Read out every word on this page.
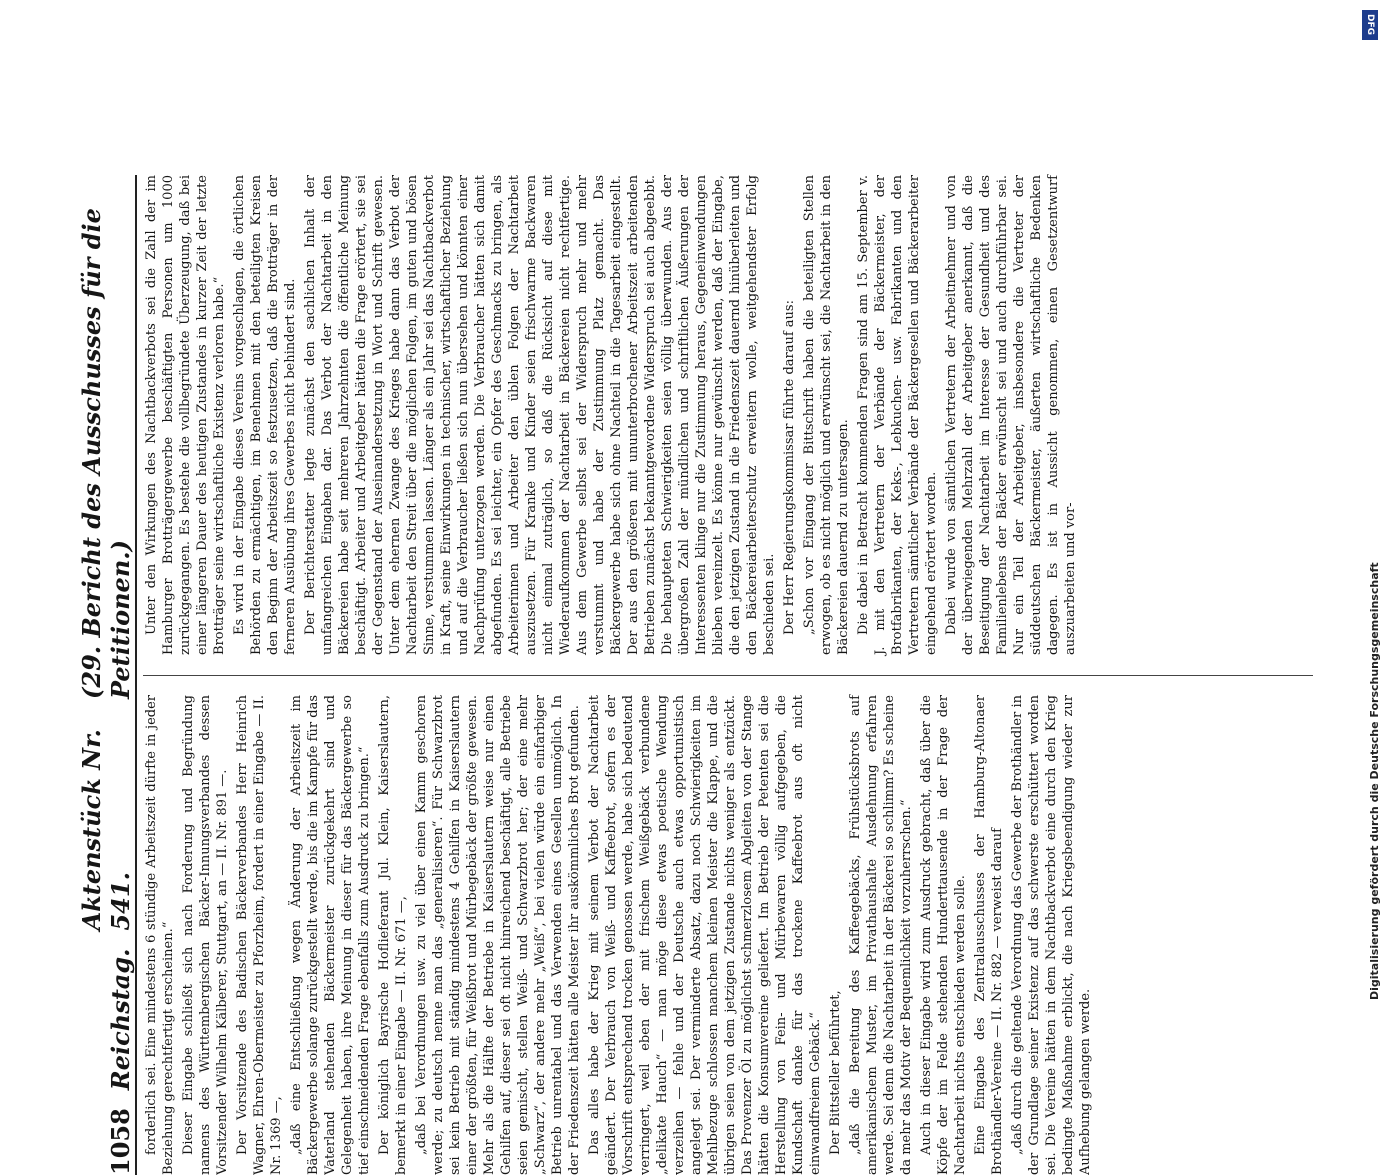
1058
Reichstag.
Aktenstück Nr. 541.
(29. Bericht des Ausschusses für die Petitionen.)

forderlich sei. Eine mindestens 6 stündige Arbeitszeit dürfte in jeder Beziehung gerechtfertigt erscheinen.“ Dieser Eingabe schließt sich nach Forderung und Begründung namens des Württembergischen Bäcker-Innungsverbandes dessen Vorsitzender Wilhelm Kälberer, Stuttgart, an — II. Nr. 891 —. Der Vorsitzende des Badischen Bäckerverbandes Herr Heinrich Wagner, Ehren-Obermeister zu Pforzheim, fordert in einer Eingabe — II. Nr. 1369 —, „daß eine Entschließung wegen Änderung der Arbeitszeit im Bäckergewerbe solange zurückgestellt werde, bis die im Kampfe für das Vaterland stehenden Bäckermeister zurückgekehrt sind und Gelegenheit haben, ihre Meinung in dieser für das Bäckergewerbe so tief einschneidenden Frage ebenfalls zum Ausdruck zu bringen.“ Der königlich Bayrische Hoflieferant Jul. Klein, Kaiserslautern, bemerkt in einer Eingabe — II. Nr. 671 —, „daß bei Verordnungen usw. zu viel über einen Kamm geschoren werde; zu deutsch nenne man das „generalisieren“. Für Schwarzbrot sei kein Betrieb mit ständig mindestens 4 Gehilfen in Kaiserslautern einer der größten, für Weißbrot und Mürbegebäck der größte gewesen. Mehr als die Hälfte der Betriebe in Kaiserslautern weise nur einen Gehilfen auf, dieser sei oft nicht hinreichend beschäftigt, alle Betriebe seien gemischt, stellen Weiß- und Schwarzbrot her; der eine mehr „Schwarz“, der andere mehr „Weiß“, bei vielen würde ein einfarbiger Betrieb unrentabel und das Verwenden eines Gesellen unmöglich. In der Friedenszeit hätten alle Meister ihr auskömmliches Brot gefunden. Das alles habe der Krieg mit seinem Verbot der Nachtarbeit geändert. Der Verbrauch von Weiß- und Kaffeebrot, sofern es der Vorschrift entsprechend trocken genossen werde, habe sich bedeutend verringert, weil eben der mit frischem Weißgebäck verbundene „delikate Hauch“ — man möge diese etwas poetische Wendung verzeihen — fehle und der Deutsche auch etwas opportunistisch angelegt sei. Der verminderte Absatz, dazu noch Schwierigkeiten im Mehlbezuge schlossen manchem kleinen Meister die Klappe, und die übrigen seien von dem jetzigen Zustande nichts weniger als entzückt. Das Provenzer Öl zu möglichst schmerzlosem Abgleiten von der Stange hätten die Konsumvereine geliefert. Im Betrieb der Petenten sei die Herstellung von Fein- und Mürbewaren völlig aufgegeben, die Kundschaft danke für das trockene Kaffeebrot aus oft nicht einwandfreiem Gebäck.“ Der Bittsteller beführtet, „daß die Bereitung des Kaffeegebäcks, Frühstücksbrots auf amerikanischem Muster, im Privathaushalte Ausdehnung erfahren werde. Sei denn die Nachtarbeit in der Bäckerei so schlimm? Es scheine da mehr das Motiv der Bequemlichkeit vorzuherrschen.“ Auch in dieser Eingabe wird zum Ausdruck gebracht, daß über die Köpfe der im Felde stehenden Hunderttausende in der Frage der Nachtarbeit nichts entschieden werden solle. Eine Eingabe des Zentralausschusses der Hamburg-Altonaer Brothändler-Vereine — II. Nr. 882 — verweist darauf „daß durch die geltende Verordnung das Gewerbe der Brothändler in der Grundlage seiner Existenz auf das schwerste erschüttert worden sei. Die Vereine hätten in dem Nachtbackverbot eine durch den Krieg bedingte Maßnahme erblickt, die nach Kriegsbeendigung wieder zur Aufhebung gelangen werde.

Unter den Wirkungen des Nachtbackverbots sei die Zahl der im Hamburger Brotträgergewerbe beschäftigten Personen um 1000 zurückgegangen. Es bestehe die vollbegründete Überzeugung, daß bei einer längeren Dauer des heutigen Zustandes in kurzer Zeit der letzte Brotträger seine wirtschaftliche Existenz verloren habe.“ Es wird in der Eingabe dieses Vereins vorgeschlagen, die örtlichen Behörden zu ermächtigen, im Benehmen mit den beteiligten Kreisen den Beginn der Arbeitszeit so festzusetzen, daß die Brotträger in der ferneren Ausübung ihres Gewerbes nicht behindert sind. Der Berichterstatter legte zunächst den sachlichen Inhalt der umfangreichen Eingaben dar. Das Verbot der Nachtarbeit in den Bäckereien habe seit mehreren Jahrzehnten die öffentliche Meinung beschäftigt. Arbeiter und Arbeitgeber hätten die Frage erörtert, sie sei der Gegenstand der Auseinandersetzung in Wort und Schrift gewesen. Unter dem ehernen Zwange des Krieges habe dann das Verbot der Nachtarbeit den Streit über die möglichen Folgen, im guten und bösen Sinne, verstummen lassen. Länger als ein Jahr sei das Nachtbackverbot in Kraft, seine Einwirkungen in technischer, wirtschaftlicher Beziehung und auf die Verbraucher ließen sich nun übersehen und könnten einer Nachprüfung unterzogen werden. Die Verbraucher hätten sich damit abgefunden. Es sei leichter, ein Opfer des Geschmacks zu bringen, als Arbeiterinnen und Arbeiter den üblen Folgen der Nachtarbeit auszusetzen. Für Kranke und Kinder seien frischwarme Backwaren nicht einmal zuträglich, so daß die Rücksicht auf diese mit Wiederaufkommen der Nachtarbeit in Bäckereien nicht rechtfertige. Aus dem Gewerbe selbst sei der Widerspruch mehr und mehr verstummt und habe der Zustimmung Platz gemacht. Das Bäckergewerbe habe sich ohne Nachteil in die Tagesarbeit eingestellt. Der aus den größeren mit ununterbrochener Arbeitszeit arbeitenden Betrieben zunächst bekanntgewordene Widerspruch sei auch abgeebbt. Die behaupteten Schwierigkeiten seien völlig überwunden. Aus der übergroßen Zahl der mündlichen und schriftlichen Äußerungen der Interessenten klinge nur die Zustimmung heraus, Gegeneinwendungen blieben vereinzelt. Es könne nur gewünscht werden, daß der Eingabe, die den jetzigen Zustand in die Friedenszeit dauernd hinüberleiten und den Bäckereiarbeiterschutz erweitern wolle, weitgehendster Erfolg beschieden sei. Der Herr Regierungskommissar führte darauf aus: „Schon vor Eingang der Bittschrift haben die beteiligten Stellen erwogen, ob es nicht möglich und erwünscht sei, die Nachtarbeit in den Bäckereien dauernd zu untersagen. Die dabei in Betracht kommenden Fragen sind am 15. September v. J. mit den Vertretern der Verbände der Bäckermeister, der Brotfabrikanten, der Keks-, Lebkuchen- usw. Fabrikanten und den Vertretern sämtlicher Verbände der Bäckergesellen und Bäckerarbeiter eingehend erörtert worden. Dabei wurde von sämtlichen Vertretern der Arbeitnehmer und von der überwiegenden Mehrzahl der Arbeitgeber anerkannt, daß die Beseitigung der Nachtarbeit im Interesse der Gesundheit und des Familienlebens der Bäcker erwünscht sei und auch durchführbar sei. Nur ein Teil der Arbeitgeber, insbesondere die Vertreter der süddeutschen Bäckermeister, äußerten wirtschaftliche Bedenken dagegen. Es ist in Aussicht genommen, einen Gesetzentwurf auszuarbeiten und vor-

DFG
Digitalisierung gefördert durch die Deutsche Forschungsgemeinschaft
